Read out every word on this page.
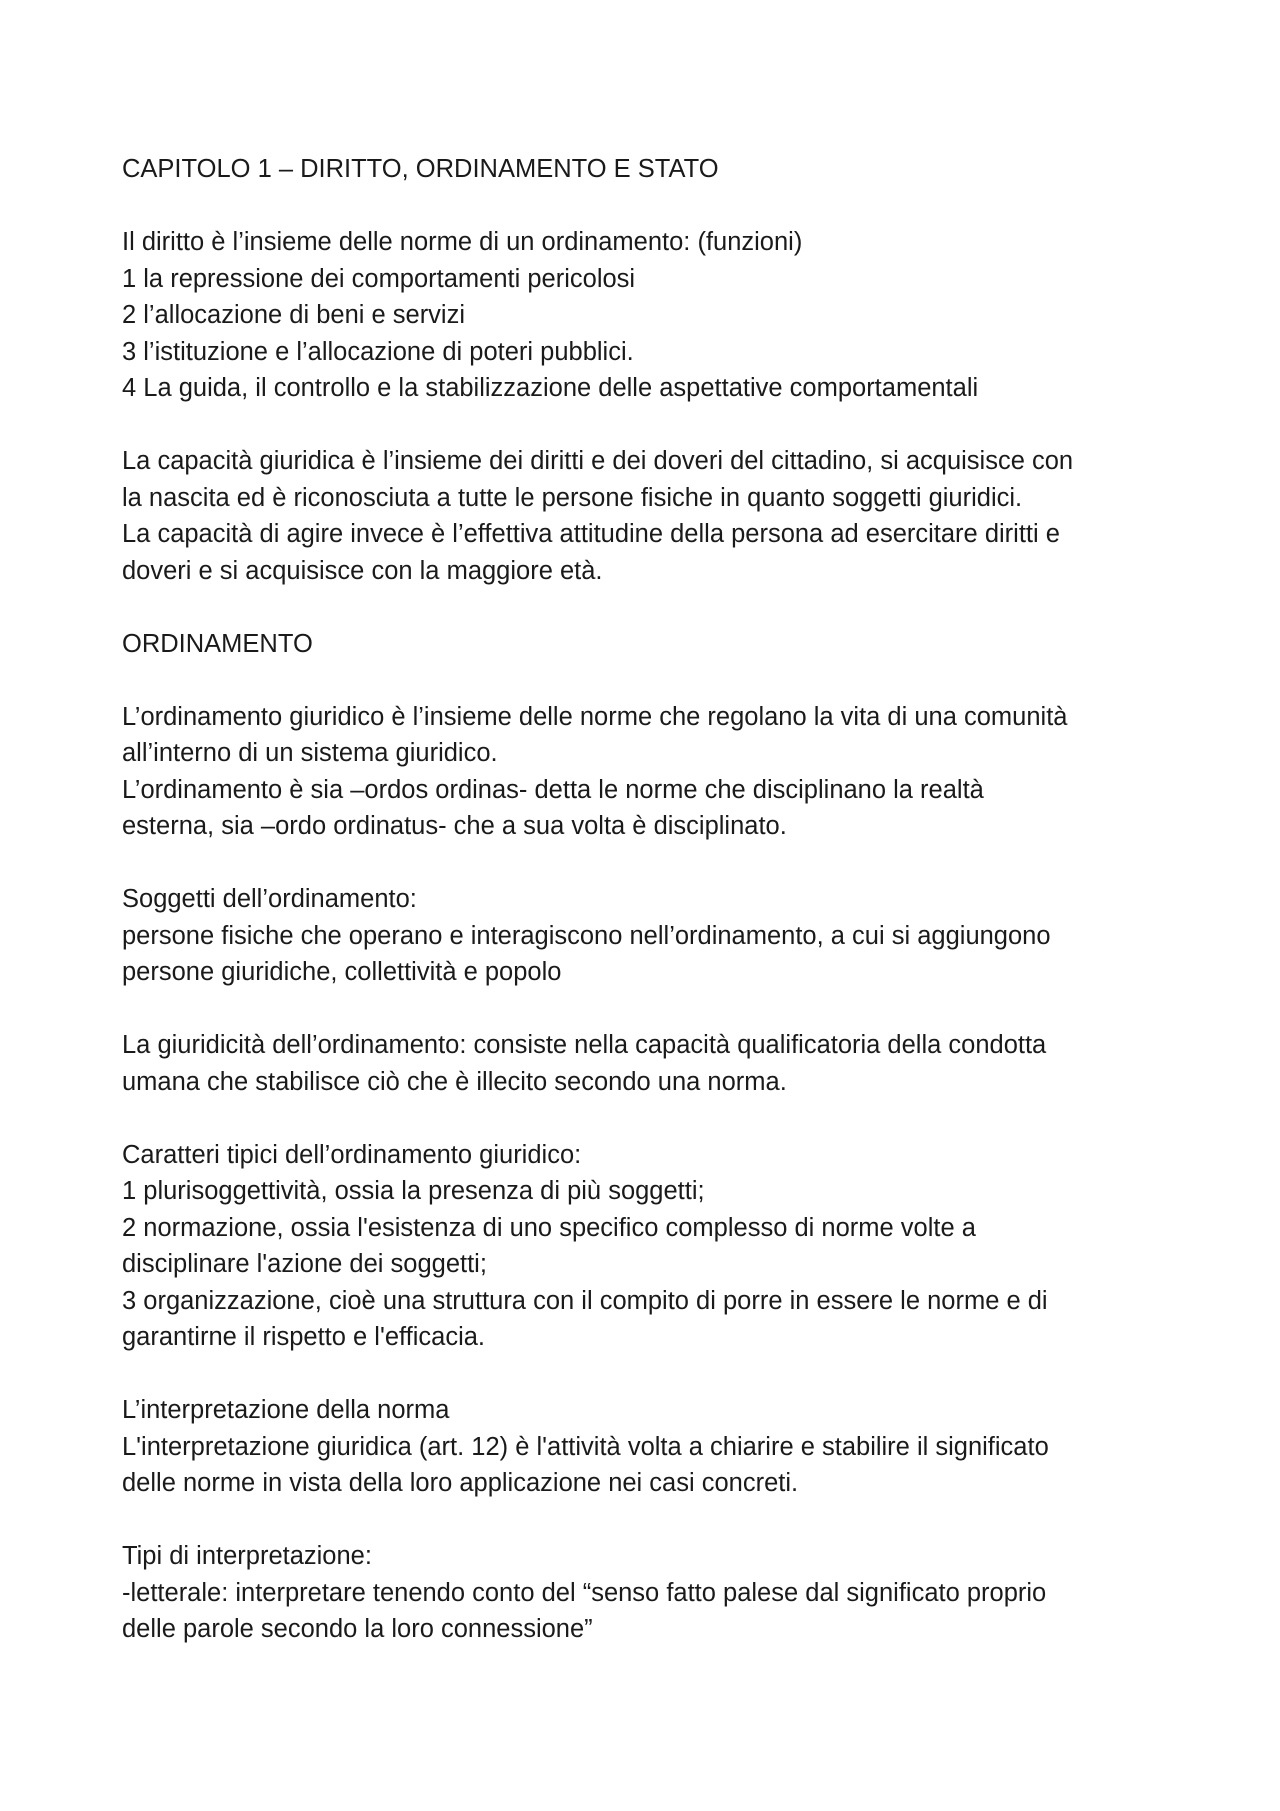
CAPITOLO 1 – DIRITTO, ORDINAMENTO E STATO
Il diritto è l’insieme delle norme di un ordinamento: (funzioni)
1 la repressione dei comportamenti pericolosi
2 l’allocazione di beni e servizi
3 l’istituzione e l’allocazione di poteri pubblici.
4 La guida, il controllo e la stabilizzazione delle aspettative comportamentali
La capacità giuridica è l’insieme dei diritti e dei doveri del cittadino, si acquisisce con
la nascita ed è riconosciuta a tutte le persone fisiche in quanto soggetti giuridici.
La capacità di agire invece è l’effettiva attitudine della persona ad esercitare diritti e
doveri e si acquisisce con la maggiore età.
ORDINAMENTO
L’ordinamento giuridico è l’insieme delle norme che regolano la vita di una comunità
all’interno di un sistema giuridico.
L’ordinamento è sia –ordos ordinas- detta le norme che disciplinano la realtà
esterna, sia –ordo ordinatus- che a sua volta è disciplinato.
Soggetti dell’ordinamento:
persone fisiche che operano e interagiscono nell’ordinamento, a cui si aggiungono
persone giuridiche, collettività e popolo
La giuridicità dell’ordinamento: consiste nella capacità qualificatoria della condotta
umana che stabilisce ciò che è illecito secondo una norma.
Caratteri tipici dell’ordinamento giuridico:
1 plurisoggettività, ossia la presenza di più soggetti;
2 normazione, ossia l'esistenza di uno specifico complesso di norme volte a
disciplinare l'azione dei soggetti;
3 organizzazione, cioè una struttura con il compito di porre in essere le norme e di
garantirne il rispetto e l'efficacia.
L’interpretazione della norma
L'interpretazione giuridica (art. 12) è l'attività volta a chiarire e stabilire il significato
delle norme in vista della loro applicazione nei casi concreti.
Tipi di interpretazione:
-letterale: interpretare tenendo conto del “senso fatto palese dal significato proprio
delle parole secondo la loro connessione”
